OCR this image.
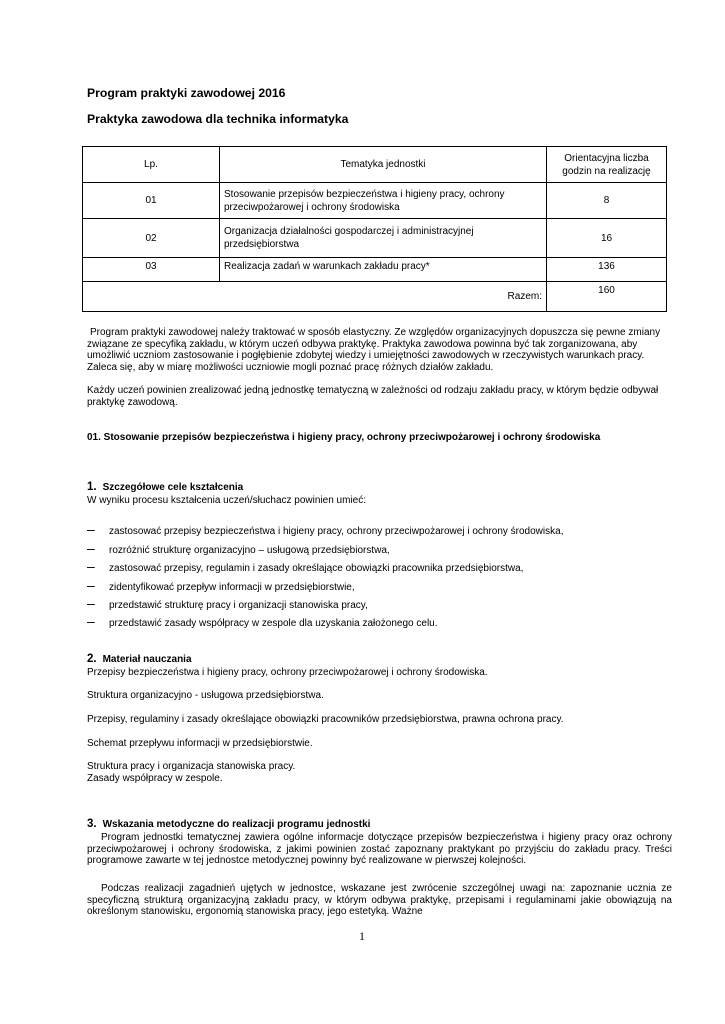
Program praktyki zawodowej 2016
Praktyka zawodowa dla technika informatyka
Lp.	Tematyka jednostki	Orientacyjna liczba godzin na realizację
01	Stosowanie przepisów bezpieczeństwa i higieny pracy, ochrony przeciwpożarowej i ochrony środowiska	8
02	Organizacja działalności gospodarczej i administracyjnej przedsiębiorstwa	16
03	Realizacja zadań w warunkach zakładu pracy*	136
Razem:		160

Program praktyki zawodowej należy traktować w sposób elastyczny. Ze względów organizacyjnych dopuszcza się pewne zmiany związane ze specyfiką zakładu, w którym uczeń odbywa praktykę. Praktyka zawodowa powinna być tak zorganizowana, aby umożliwić uczniom zastosowanie i pogłębienie zdobytej wiedzy i umiejętności zawodowych w rzeczywistych warunkach pracy. Zaleca się, aby w miarę możliwości uczniowie mogli poznać pracę różnych działów zakładu.

Każdy uczeń powinien zrealizować jedną jednostkę tematyczną w zależności od rodzaju zakładu pracy, w którym będzie odbywał praktykę zawodową.

01. Stosowanie przepisów bezpieczeństwa i higieny pracy, ochrony przeciwpożarowej i ochrony środowiska

1. Szczegółowe cele kształcenia
W wyniku procesu kształcenia uczeń/słuchacz powinien umieć:
– zastosować przepisy bezpieczeństwa i higieny pracy, ochrony przeciwpożarowej i ochrony środowiska,
– rozróżnić strukturę organizacyjno – usługową przedsiębiorstwa,
– zastosować przepisy, regulamin i zasady określające obowiązki pracownika przedsiębiorstwa,
– zidentyfikować przepływ informacji w przedsiębiorstwie,
– przedstawić strukturę pracy i organizacji stanowiska pracy,
– przedstawić zasady współpracy w zespole dla uzyskania założonego celu.
2. Materiał nauczania
Przepisy bezpieczeństwa i higieny pracy, ochrony przeciwpożarowej i ochrony środowiska.
Struktura organizacyjno - usługowa przedsiębiorstwa.
Przepisy, regulaminy i zasady określające obowiązki pracowników przedsiębiorstwa, prawna ochrona pracy.
Schemat przepływu informacji w przedsiębiorstwie.
Struktura pracy i organizacja stanowiska pracy.
Zasady współpracy w zespole.
3. Wskazania metodyczne do realizacji programu jednostki

Program jednostki tematycznej zawiera ogólne informacje dotyczące przepisów bezpieczeństwa i higieny pracy oraz ochrony przeciwpożarowej i ochrony środowiska, z jakimi powinien zostać zapoznany praktykant po przyjściu do zakładu pracy. Treści programowe zawarte w tej jednostce metodycznej powinny być realizowane w pierwszej kolejności.

Podczas realizacji zagadnień ujętych w jednostce, wskazane jest zwrócenie szczególnej uwagi na: zapoznanie ucznia ze specyficzną strukturą organizacyjną zakładu pracy, w którym odbywa praktykę, przepisami i regulaminami jakie obowiązują na określonym stanowisku, ergonomią stanowiska pracy, jego estetyką. Ważne

1
